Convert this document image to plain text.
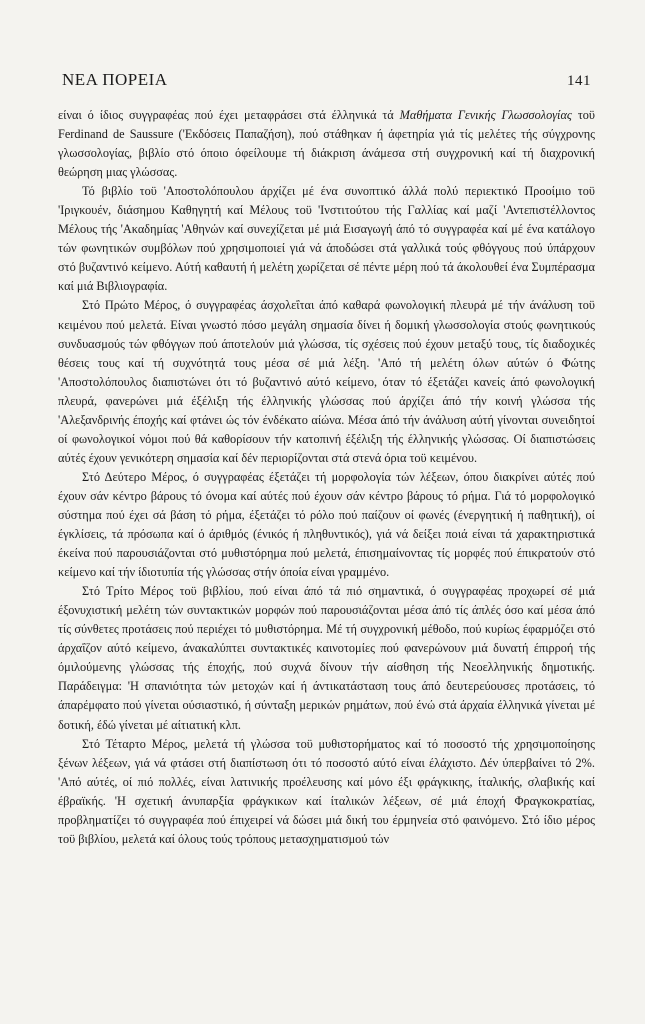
ΝΕΑ ΠΟΡΕΙΑ	141

είναι ό ίδιος συγγραφέας πού έχει μεταφράσει στά έλληνικά τά Μαθήματα Γενικής Γλωσσολογίας τοϋ Ferdinand de Saussure ('Εκδόσεις Παπαζήση), πού στάθηκαν ή άφετηρία γιά τίς μελέτες τής σύγχρονης γλωσσολογίας, βιβλίο στό όποιο όφείλουμε τή διάκριση άνάμεσα στή συγχρονική καί τή διαχρονική θεώρηση μιας γλώσσας.

Τό βιβλίο τοϋ 'Αποστολόπουλου άρχίζει μέ ένα συνοπτικό άλλά πολύ περιεκτικό Προοίμιο τοϋ 'Ιριγκουέν, διάσημου Καθηγητή καί Μέλους τοϋ 'Ινστιτούτου τής Γαλλίας καί μαζί 'Αντεπιστέλλοντος Μέλους τής 'Ακαδημίας 'Αθηνών καί συνεχίζεται μέ μιά Εισαγωγή άπό τό συγγραφέα καί μέ ένα κατάλογο τών φωνητικών συμβόλων πού χρησιμοποιεί γιά νά άποδώσει στά γαλλικά τούς φθόγγους πού ύπάρχουν στό βυζαντινό κείμενο. Αύτή καθαυτή ή μελέτη χωρίζεται σέ πέντε μέρη πού τά άκολουθεί ένα Συμπέρασμα καί μιά Βιβλιογραφία.

Στό Πρώτο Μέρος, ό συγγραφέας άσχολεΐται άπό καθαρά φωνολογική πλευρά μέ τήν άνάλυση τοϋ κειμένου πού μελετά. Είναι γνωστό πόσο μεγάλη σημασία δίνει ή δομική γλωσσολογία στούς φωνητικούς συνδυασμούς τών φθόγγων πού άποτελούν μιά γλώσσα, τίς σχέσεις πού έχουν μεταξύ τους, τίς διαδοχικές θέσεις τους καί τή συχνότητά τους μέσα σέ μιά λέξη. 'Από τή μελέτη όλων αύτών ό Φώτης 'Αποστολόπουλος διαπιστώνει ότι τό βυζαντινό αύτό κείμενο, όταν τό έξετάζει κανείς άπό φωνολογική πλευρά, φανερώνει μιά έξέλιξη τής έλληνικής γλώσσας πού άρχίζει άπό τήν κοινή γλώσσα τής 'Αλεξανδρινής έποχής καί φτάνει ώς τόν ένδέκατο αίώνα. Μέσα άπό τήν άνάλυση αύτή γίνονται συνειδητοί οί φωνολογικοί νόμοι πού θά καθορίσουν τήν κατοπινή έξέλιξη τής έλληνικής γλώσσας. Οί διαπιστώσεις αύτές έχουν γενικότερη σημασία καί δέν περιορίζονται στά στενά όρια τοϋ κειμένου.

Στό Δεύτερο Μέρος, ό συγγραφέας έξετάζει τή μορφολογία τών λέξεων, όπου διακρίνει αύτές πού έχουν σάν κέντρο βάρους τό όνομα καί αύτές πού έχουν σάν κέντρο βάρους τό ρήμα. Γιά τό μορφολογικό σύστημα πού έχει σά βάση τό ρήμα, έξετάζει τό ρόλο πού παίζουν οί φωνές (ένεργητική ή παθητική), οί έγκλίσεις, τά πρόσωπα καί ό άριθμός (ένικός ή πληθυντικός), γιά νά δείξει ποιά είναι τά χαρακτηριστικά έκείνα πού παρουσιάζονται στό μυθιστόρημα πού μελετά, έπισημαίνοντας τίς μορφές πού έπικρατούν στό κείμενο καί τήν ίδιοτυπία τής γλώσσας στήν όποία είναι γραμμένο.

Στό Τρίτο Μέρος τοϋ βιβλίου, πού είναι άπό τά πιό σημαντικά, ό συγγραφέας προχωρεί σέ μιά έξονυχιστική μελέτη τών συντακτικών μορφών πού παρουσιάζονται μέσα άπό τίς άπλές όσο καί μέσα άπό τίς σύνθετες προτάσεις πού περιέχει τό μυθιστόρημα. Μέ τή συγχρονική μέθοδο, πού κυρίως έφαρμόζει στό άρχαΐζον αύτό κείμενο, άνακαλύπτει συντακτικές καινοτομίες πού φανερώνουν μιά δυνατή έπιρροή τής όμιλούμενης γλώσσας τής έποχής, πού συχνά δίνουν τήν αίσθηση τής Νεοελληνικής δημοτικής. Παράδειγμα: 'Η σπανιότητα τών μετοχών καί ή άντικατάσταση τους άπό δευτερεύουσες προτάσεις, τό άπαρέμφατο πού γίνεται ούσιαστικό, ή σύνταξη μερικών ρημάτων, πού ένώ στά άρχαία έλληνικά γίνεται μέ δοτική, έδώ γίνεται μέ αίτιατική κλπ.

Στό Τέταρτο Μέρος, μελετά τή γλώσσα τοϋ μυθιστορήματος καί τό ποσοστό τής χρησιμοποίησης ξένων λέξεων, γιά νά φτάσει στή διαπίστωση ότι τό ποσοστό αύτό είναι έλάχιστο. Δέν ύπερβαίνει τό 2%. 'Από αύτές, οί πιό πολλές, είναι λατινικής προέλευσης καί μόνο έξι φράγκικης, ίταλικής, σλαβικής καί έβραϊκής. 'Η σχετική άνυπαρξία φράγκικων καί ίταλικών λέξεων, σέ μιά έποχή Φραγκοκρατίας, προβληματίζει τό συγγραφέα πού έπιχειρεί νά δώσει μιά δική του έρμηνεία στό φαινόμενο. Στό ίδιο μέρος τοϋ βιβλίου, μελετά καί όλους τούς τρόπους μετασχηματισμού τών
